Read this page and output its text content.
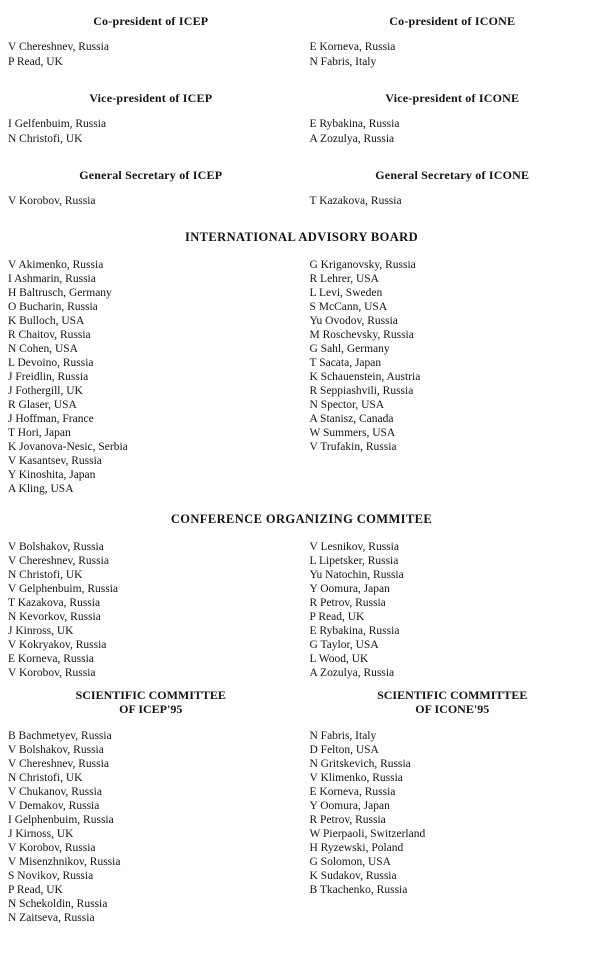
Co-president of ICEP
V Chereshnev, Russia
P Read, UK
Co-president of ICONE
E Korneva, Russia
N Fabris, Italy
Vice-president of ICEP
I Gelfenbuim, Russia
N Christofi, UK
Vice-president of ICONE
E Rybakina, Russia
A Zozulya, Russia
General Secretary of ICEP
V Korobov, Russia
General Secretary of ICONE
T Kazakova, Russia
INTERNATIONAL ADVISORY BOARD
V Akimenko, Russia
I Ashmarin, Russia
H Baltrusch, Germany
O Bucharin, Russia
K Bulloch, USA
R Chaitov, Russia
N Cohen, USA
L Devoino, Russia
J Freidlin, Russia
J Fothergill, UK
R Glaser, USA
J Hoffman, France
T Hori, Japan
K Jovanova-Nesic, Serbia
V Kasantsev, Russia
Y Kinoshita, Japan
A Kling, USA
G Kriganovsky, Russia
R Lehrer, USA
L Levi, Sweden
S McCann, USA
Yu Ovodov, Russia
M Roschevsky, Russia
G Sahl, Germany
T Sacata, Japan
K Schauenstein, Austria
R Seppiashvili, Russia
N Spector, USA
A Stanisz, Canada
W Summers, USA
V Trufakin, Russia
CONFERENCE ORGANIZING COMMITEE
V Bolshakov, Russia
V Chereshnev, Russia
N Christofi, UK
V Gelphenbuim, Russia
T Kazakova, Russia
N Kevorkov, Russia
J Kinross, UK
V Kokryakov, Russia
E Korneva, Russia
V Korobov, Russia
V Lesnikov, Russia
L Lipetsker, Russia
Yu Natochin, Russia
Y Oomura, Japan
R Petrov, Russia
P Read, UK
E Rybakina, Russia
G Taylor, USA
L Wood, UK
A Zozulya, Russia
SCIENTIFIC COMMITTEE
OF ICEP'95
SCIENTIFIC COMMITTEE
OF ICONE'95
B Bachmetyev, Russia
V Bolshakov, Russia
V Chereshnev, Russia
N Christofi, UK
V Chukanov, Russia
V Demakov, Russia
I Gelphenbuim, Russia
J Kirnoss, UK
V Korobov, Russia
V Misenzhnikov, Russia
S Novikov, Russia
P Read, UK
N Schekoldin, Russia
N Zaitseva, Russia
N Fabris, Italy
D Felton, USA
N Gritskevich, Russia
V Klimenko, Russia
E Korneva, Russia
Y Oomura, Japan
R Petrov, Russia
W Pierpaoli, Switzerland
H Ryzewski, Poland
G Solomon, USA
K Sudakov, Russia
B Tkachenko, Russia
